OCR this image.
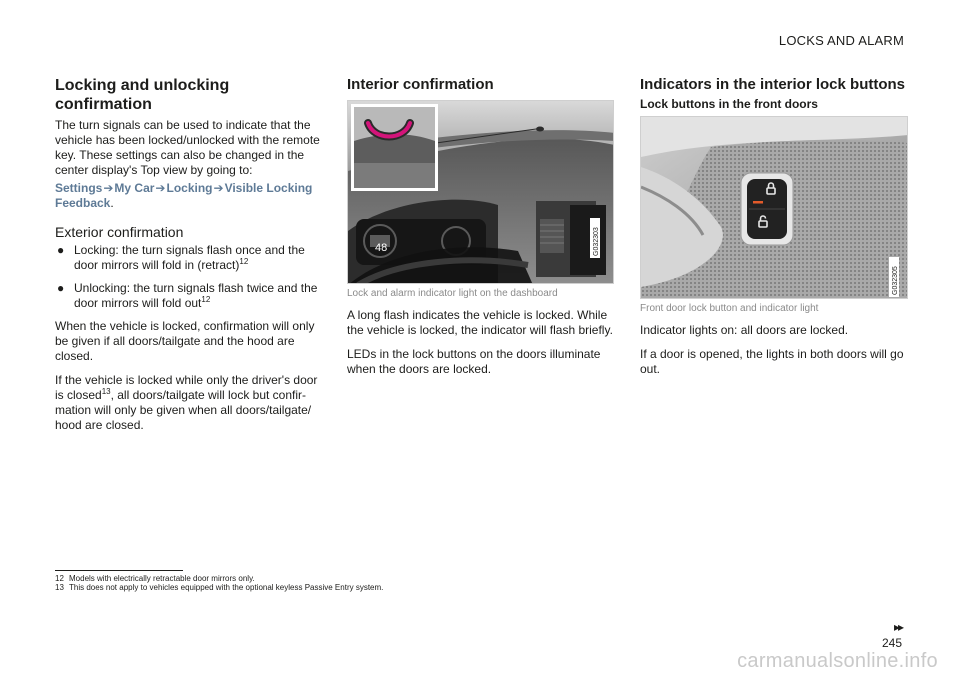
LOCKS AND ALARM
Locking and unlocking confirmation

The turn signals can be used to indicate that the vehicle has been locked/unlocked with the remote key. These settings can also be changed in the center display's Top view by going to:

Settings➔My Car➔Locking➔Visible Locking Feedback.
Exterior confirmation
● Locking: the turn signals flash once and the door mirrors will fold in (retract)$^{12}$
● Unlocking: the turn signals flash twice and the door mirrors will fold out$^{12}$

When the vehicle is locked, confirmation will only be given if all doors/tailgate and the hood are closed.

If the vehicle is locked while only the driver's door is closed$^{13}$, all doors/tailgate will lock but confir-mation will only be given when all doors/tailgate/ hood are closed.

Interior confirmation
48	G032303
Lock and alarm indicator light on the dashboard

A long flash indicates the vehicle is locked. While the vehicle is locked, the indicator will flash briefly.

LEDs in the lock buttons on the doors illuminate when the doors are locked.

Indicators in the interior lock buttons
Lock buttons in the front doors
G032305
Front door lock button and indicator light

Indicator lights on: all doors are locked.

If a door is opened, the lights in both doors will go out.

12 Models with electrically retractable door mirrors only.
13 This does not apply to vehicles equipped with the optional keyless Passive Entry system.
▸▸
245
carmanualsonline.info
